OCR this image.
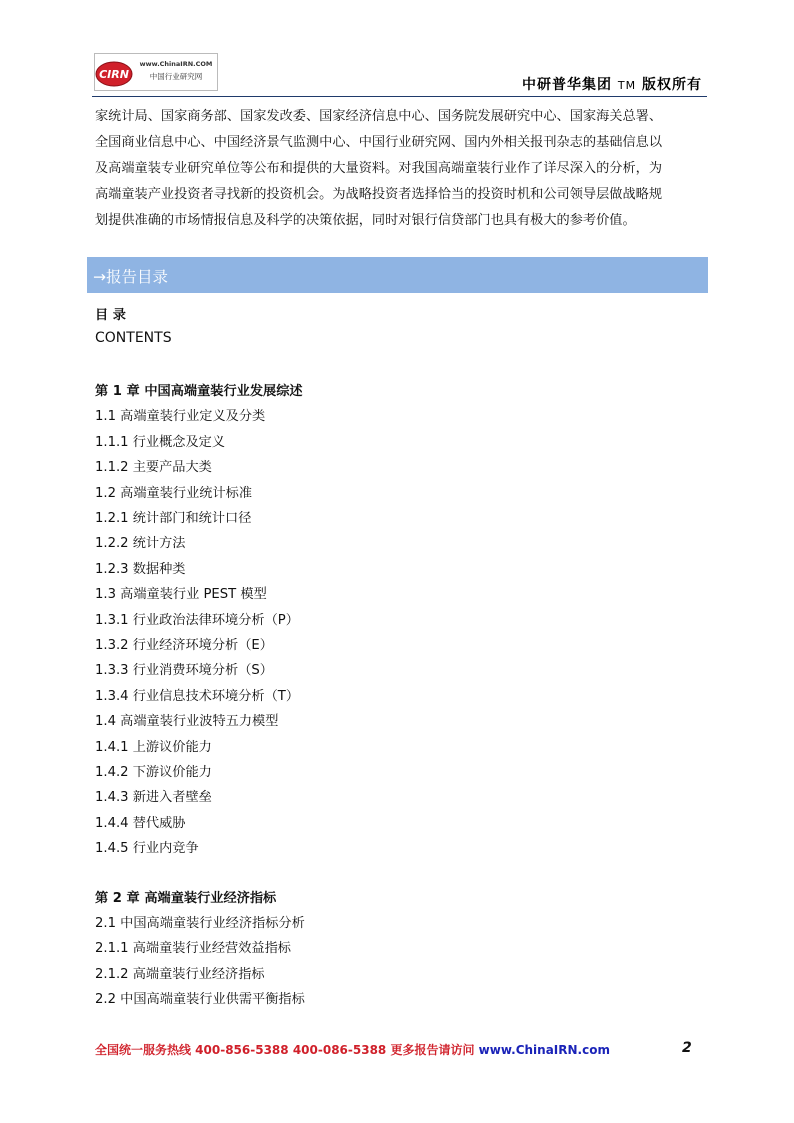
CIRN
www.ChinaIRN.COM
中国行业研究网
中研普华集团 TM 版权所有
家统计局、国家商务部、国家发改委、国家经济信息中心、国务院发展研究中心、国家海关总署、
全国商业信息中心、中国经济景气监测中心、中国行业研究网、国内外相关报刊杂志的基础信息以
及高端童装专业研究单位等公布和提供的大量资料。对我国高端童装行业作了详尽深入的分析，为
高端童装产业投资者寻找新的投资机会。为战略投资者选择恰当的投资时机和公司领导层做战略规
划提供准确的市场情报信息及科学的决策依据，同时对银行信贷部门也具有极大的参考价值。
→报告目录
目 录
CONTENTS
第 1 章 中国高端童装行业发展综述
1.1 高端童装行业定义及分类
1.1.1 行业概念及定义
1.1.2 主要产品大类
1.2 高端童装行业统计标准
1.2.1 统计部门和统计口径
1.2.2 统计方法
1.2.3 数据种类
1.3 高端童装行业 PEST 模型
1.3.1 行业政治法律环境分析（P）
1.3.2 行业经济环境分析（E）
1.3.3 行业消费环境分析（S）
1.3.4 行业信息技术环境分析（T）
1.4 高端童装行业波特五力模型
1.4.1 上游议价能力
1.4.2 下游议价能力
1.4.3 新进入者壁垒
1.4.4 替代威胁
1.4.5 行业内竞争
第 2 章 高端童装行业经济指标
2.1 中国高端童装行业经济指标分析
2.1.1 高端童装行业经营效益指标
2.1.2 高端童装行业经济指标
2.2 中国高端童装行业供需平衡指标
全国统一服务热线 400-856-5388 400-086-5388 更多报告请访问 www.ChinaIRN.com	2
